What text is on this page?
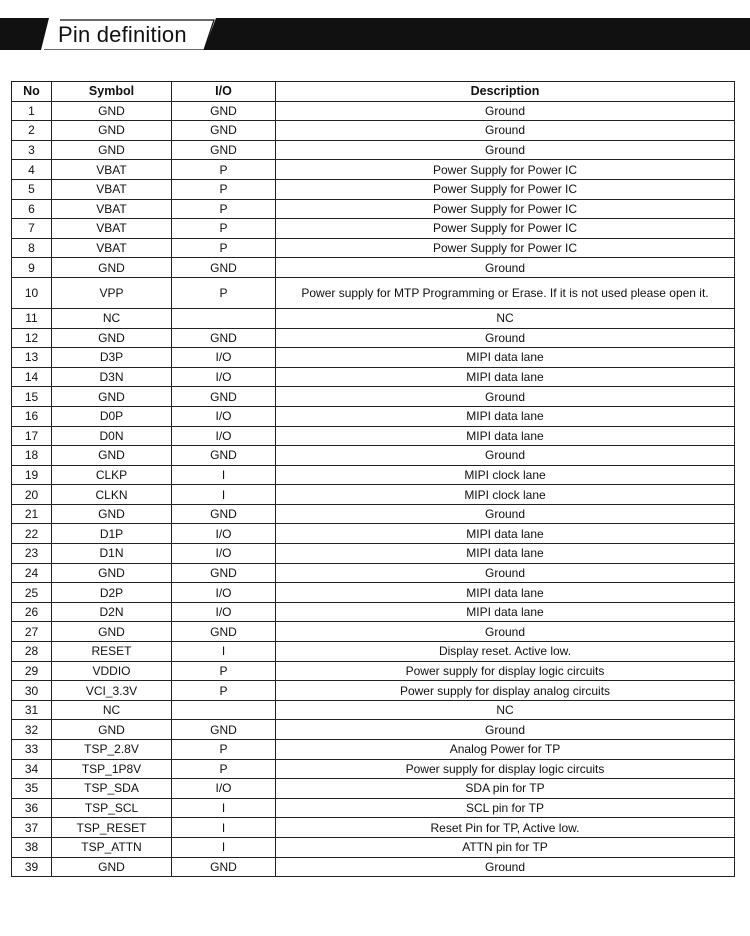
Pin definition
No	Symbol	I/O	Description
1	GND	GND	Ground
2	GND	GND	Ground
3	GND	GND	Ground
4	VBAT	P	Power Supply for Power IC
5	VBAT	P	Power Supply for Power IC
6	VBAT	P	Power Supply for Power IC
7	VBAT	P	Power Supply for Power IC
8	VBAT	P	Power Supply for Power IC
9	GND	GND	Ground
10	VPP	P	Power supply for MTP Programming or Erase. If it is not used please open it.
11	NC		NC
12	GND	GND	Ground
13	D3P	I/O	MIPI data lane
14	D3N	I/O	MIPI data lane
15	GND	GND	Ground
16	D0P	I/O	MIPI data lane
17	D0N	I/O	MIPI data lane
18	GND	GND	Ground
19	CLKP	I	MIPI clock lane
20	CLKN	I	MIPI clock lane
21	GND	GND	Ground
22	D1P	I/O	MIPI data lane
23	D1N	I/O	MIPI data lane
24	GND	GND	Ground
25	D2P	I/O	MIPI data lane
26	D2N	I/O	MIPI data lane
27	GND	GND	Ground
28	RESET	I	Display reset. Active low.
29	VDDIO	P	Power supply for display logic circuits
30	VCI_3.3V	P	Power supply for display analog circuits
31	NC		NC
32	GND	GND	Ground
33	TSP_2.8V	P	Analog Power for TP
34	TSP_1P8V	P	Power supply for display logic circuits
35	TSP_SDA	I/O	SDA pin for TP
36	TSP_SCL	I	SCL pin for TP
37	TSP_RESET	I	Reset Pin for TP, Active low.
38	TSP_ATTN	I	ATTN pin for TP
39	GND	GND	Ground
